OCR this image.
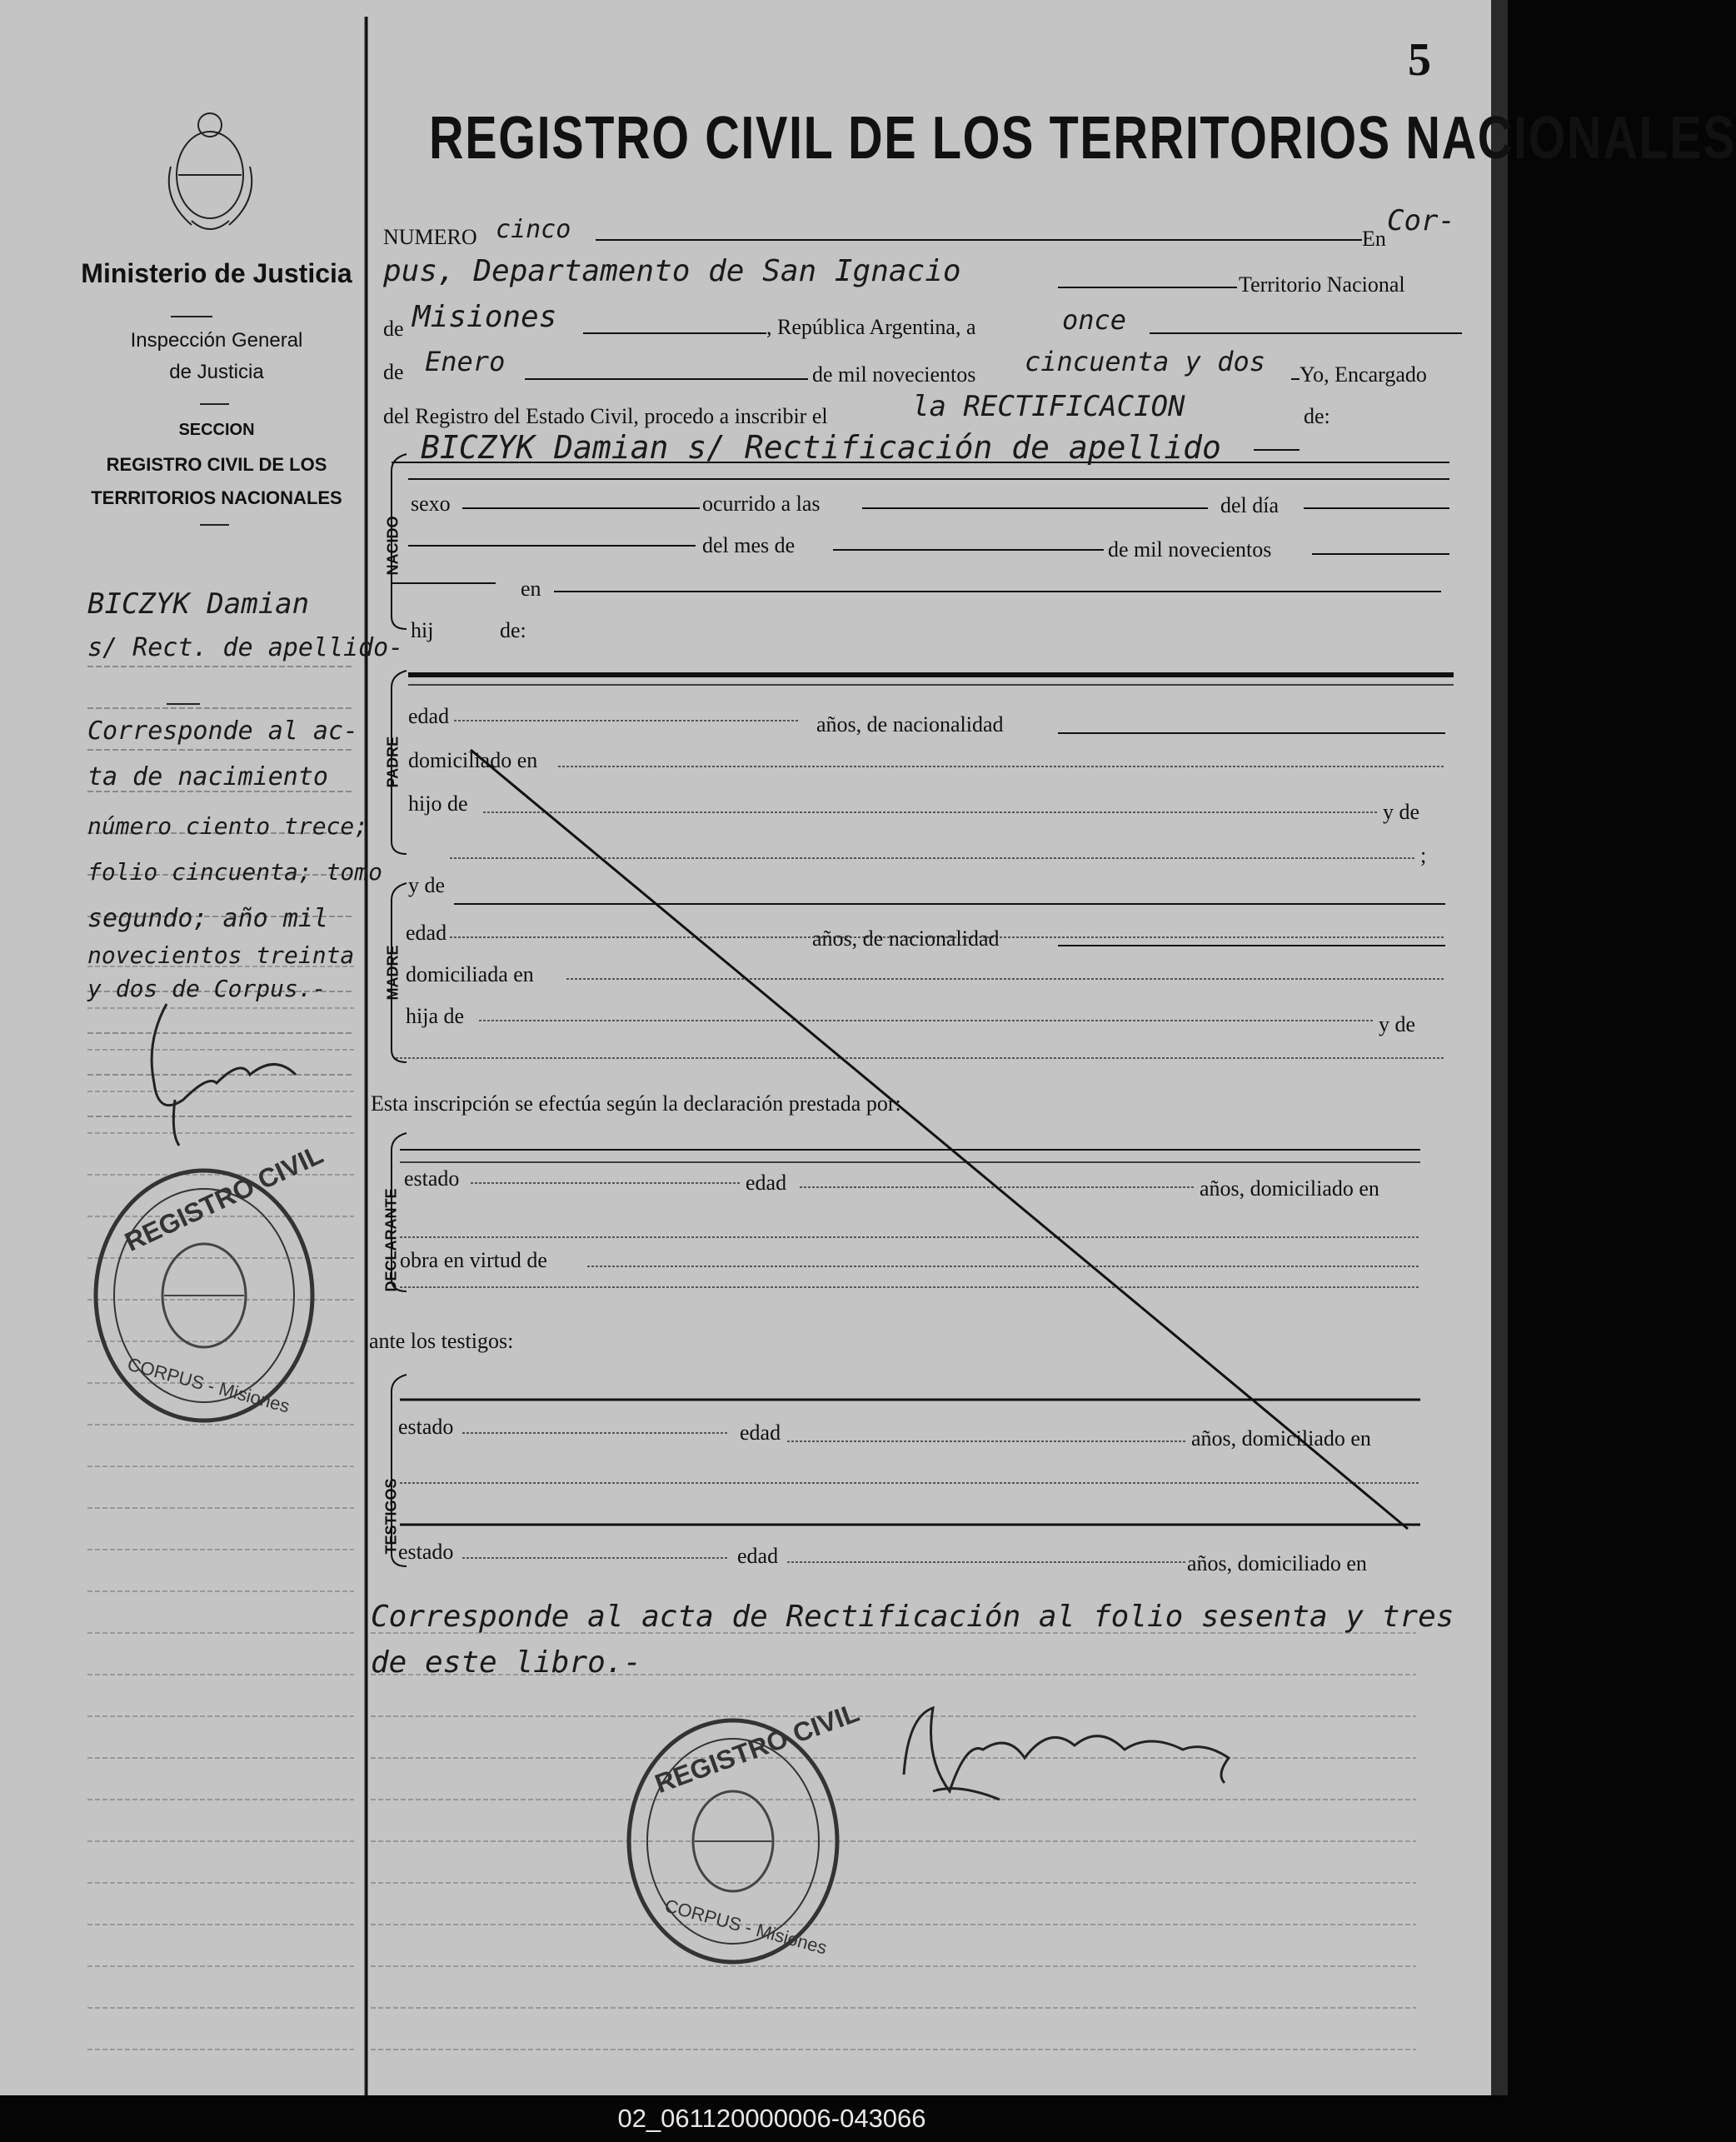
REGISTRO CIVIL
CORPUS - Misiones
REGISTRO CIVIL
CORPUS - Misiones
5
REGISTRO CIVIL DE LOS TERRITORIOS NACIONALES
Ministerio de Justicia
Inspección General
de Justicia
SECCION
REGISTRO CIVIL DE LOS
TERRITORIOS NACIONALES
BICZYK Damian
s/ Rect. de apellido-
Corresponde al ac-
ta de nacimiento
número ciento trece;
folio cincuenta; tomo
segundo; año mil
novecientos treinta
y dos de Corpus.-
NUMERO cinco	En
Cor-
pus, Departamento de San Ignacio	Territorio Nacional
de Misiones	, República Argentina, a	once
de Enero	de mil novecientos cincuenta y dos Yo, Encargado
del Registro del Estado Civil, procedo a inscribir el	la RECTIFICACION	de:
BICZYK Damian s/ Rectificación de apellido
NACIDO
sexo	ocurrido a las	del día
del mes de	de mil novecientos
en
hij	de:
PADRE
edad	años, de nacionalidad
domiciliado en
hijo de	y de
;
MADRE
y de
edad	años, de nacionalidad
domiciliada en
hija de	y de
Esta inscripción se efectúa según la declaración prestada por:
DECLARANTE
estado	edad	años, domiciliado en
obra en virtud de
ante los testigos:
TESTIGOS
estado	edad	años, domiciliado en
estado	edad	años, domiciliado en
Corresponde al acta de Rectificación al folio sesenta y tres
de este libro.-
02_061120000006-043066
